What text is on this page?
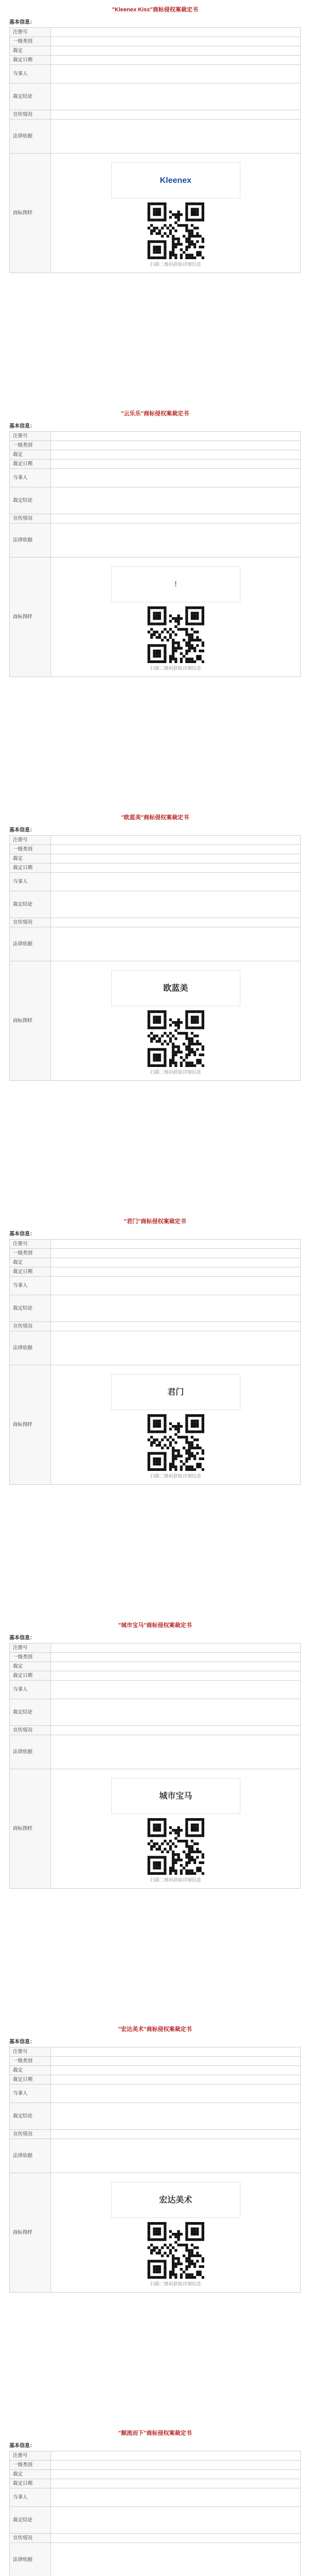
"Kleenex Kiss"商标侵权案裁定书
基本信息：
注册号	
一级类别	
裁定	
裁定日期	
当事人	
裁定结论	
宣传情况	
法律依据	
商标图样	Kleenex
扫描二维码获取详细信息
"云乐乐"商标侵权案裁定书
基本信息：
注册号	
一级类别	
裁定	
裁定日期	
当事人	
裁定结论	
宣传情况	
法律依据	
商标图样	!
扫描二维码获取详细信息
"欧蓝美"商标侵权案裁定书
基本信息：
注册号	
一级类别	
裁定	
裁定日期	
当事人	
裁定结论	
宣传情况	
法律依据	
商标图样	欧蓝美
扫描二维码获取详细信息
"君门"商标侵权案裁定书
基本信息：
注册号	
一级类别	
裁定	
裁定日期	
当事人	
裁定结论	
宣传情况	
法律依据	
商标图样	君门
扫描二维码获取详细信息
"城市宝马"商标侵权案裁定书
基本信息：
注册号	
一级类别	
裁定	
裁定日期	
当事人	
裁定结论	
宣传情况	
法律依据	
商标图样	城市宝马
扫描二维码获取详细信息
"宏达美术"商标侵权案裁定书
基本信息：
注册号	
一级类别	
裁定	
裁定日期	
当事人	
裁定结论	
宣传情况	
法律依据	
商标图样	宏达美术
扫描二维码获取详细信息
"顺流而下"商标侵权案裁定书
基本信息：
注册号	
一级类别	
裁定	
裁定日期	
当事人	
裁定结论	
宣传情况	
法律依据	
